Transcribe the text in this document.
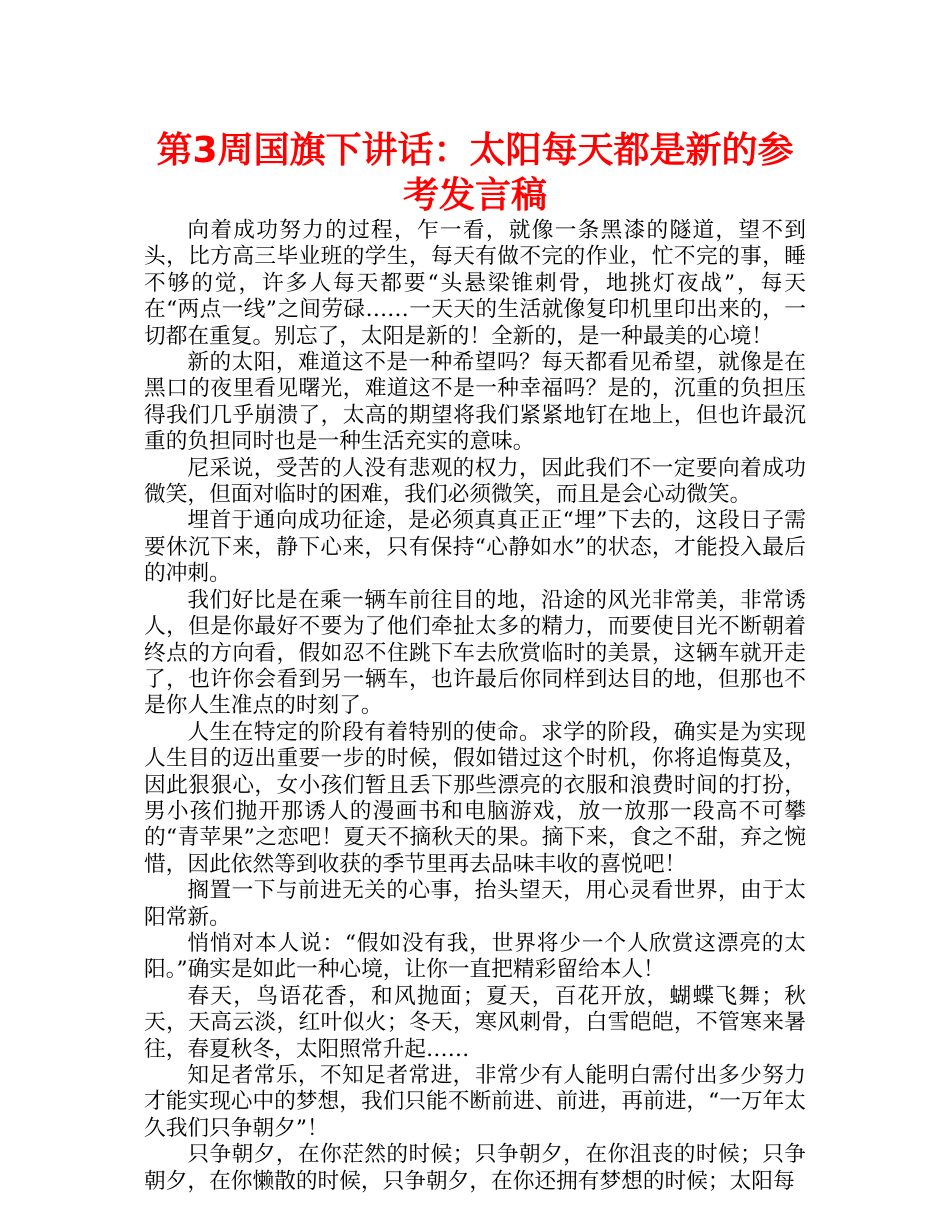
第3周国旗下讲话：太阳每天都是新的参考发言稿

向着成功努力的过程，乍一看，就像一条黑漆的隧道，望不到头，比方高三毕业班的学生，每天有做不完的作业，忙不完的事，睡不够的觉，许多人每天都要“头悬梁锥刺骨，地挑灯夜战”，每天在“两点一线”之间劳碌……一天天的生活就像复印机里印出来的，一切都在重复。别忘了，太阳是新的！全新的，是一种最美的心境！

新的太阳，难道这不是一种希望吗？每天都看见希望，就像是在黑口的夜里看见曙光，难道这不是一种幸福吗？是的，沉重的负担压得我们几乎崩溃了，太高的期望将我们紧紧地钉在地上，但也许最沉重的负担同时也是一种生活充实的意味。

尼采说，受苦的人没有悲观的权力，因此我们不一定要向着成功微笑，但面对临时的困难，我们必须微笑，而且是会心动微笑。

埋首于通向成功征途，是必须真真正正“埋”下去的，这段日子需要休沉下来，静下心来，只有保持“心静如水”的状态，才能投入最后的冲刺。

我们好比是在乘一辆车前往目的地，沿途的风光非常美，非常诱人，但是你最好不要为了他们牵扯太多的精力，而要使目光不断朝着终点的方向看，假如忍不住跳下车去欣赏临时的美景，这辆车就开走了，也许你会看到另一辆车，也许最后你同样到达目的地，但那也不是你人生准点的时刻了。

人生在特定的阶段有着特别的使命。求学的阶段，确实是为实现人生目的迈出重要一步的时候，假如错过这个时机，你将追悔莫及，因此狠狠心，女小孩们暂且丢下那些漂亮的衣服和浪费时间的打扮，男小孩们抛开那诱人的漫画书和电脑游戏，放一放那一段高不可攀的“青苹果”之恋吧！夏天不摘秋天的果。摘下来，食之不甜，弃之惋惜，因此依然等到收获的季节里再去品味丰收的喜悦吧！

搁置一下与前进无关的心事，抬头望天，用心灵看世界，由于太阳常新。

悄悄对本人说：“假如没有我，世界将少一个人欣赏这漂亮的太阳。”确实是如此一种心境，让你一直把精彩留给本人！

春天，鸟语花香，和风抛面；夏天，百花开放，蝴蝶飞舞；秋天，天高云淡，红叶似火；冬天，寒风刺骨，白雪皑皑，不管寒来暑往，春夏秋冬，太阳照常升起……

知足者常乐，不知足者常进，非常少有人能明白需付出多少努力才能实现心中的梦想，我们只能不断前进、前进，再前进，“一万年太久我们只争朝夕”！

只争朝夕，在你茫然的时候；只争朝夕，在你沮丧的时候；只争朝夕，在你懒散的时候，只争朝夕，在你还拥有梦想的时候；太阳每
